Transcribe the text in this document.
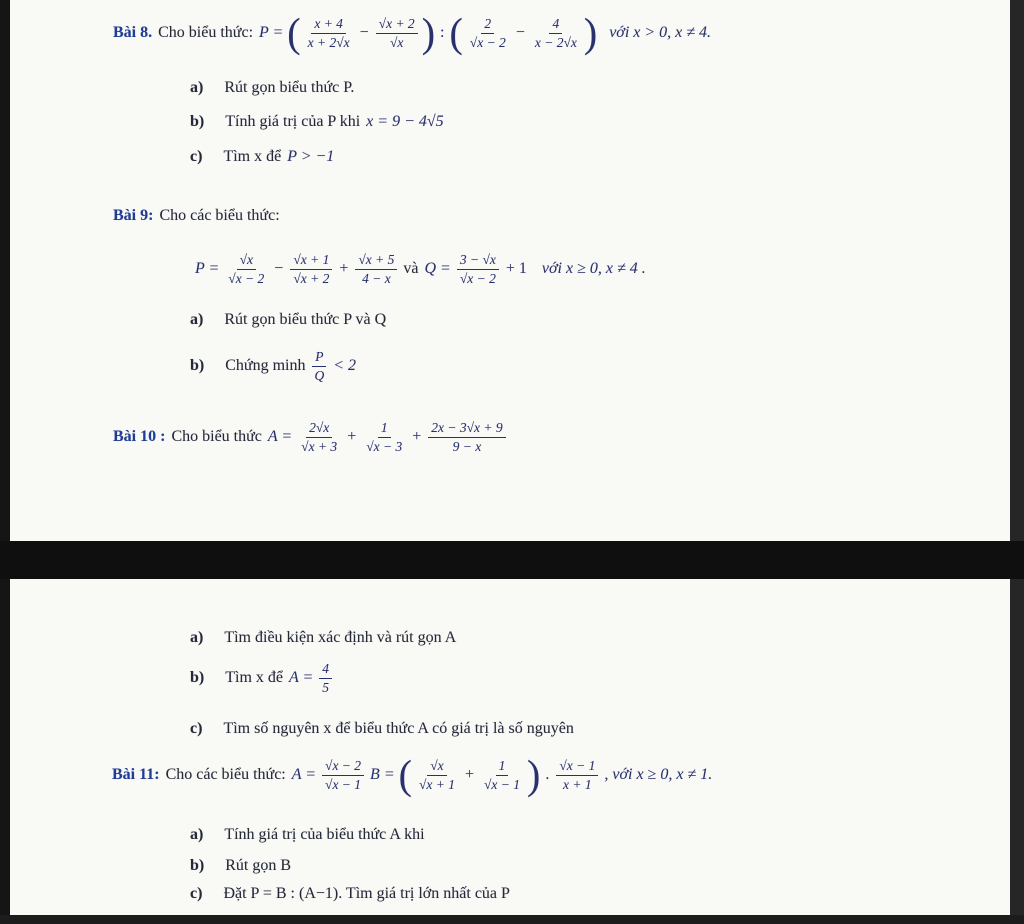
Bài 8. Cho biểu thức: P = ( $\frac{x + 4}{x + 2√x} - \frac{√x + 2}{√x}$ ) : ( $\frac{2}{√x - 2} - \frac{4}{x - 2√x}$ ) với x > 0, x ≠ 4.
a) Rút gọn biểu thức P.
b) Tính giá trị của P khi x = 9 − 4√5
c) Tìm x để P > −1
Bài 9: Cho các biểu thức:
$P = \frac{√x}{√x - 2} - \frac{√x + 1}{√x + 2} + \frac{√x + 5}{4 - x}$ và $Q = \frac{3 - √x}{√x - 2} + 1$ với x ≥ 0, x ≠ 4 .
a) Rút gọn biểu thức P và Q
b) Chứng minh $\frac{P}{Q} < 2$
Bài 10 : Cho biểu thức $A = \frac{2√x}{√x + 3} + \frac{1}{√x - 3} + \frac{2x - 3√x + 9}{9 - x}$
a) Tìm điều kiện xác định và rút gọn A
b) Tìm x để $A = \frac{4}{5}$
c) Tìm số nguyên x để biểu thức A có giá trị là số nguyên
Bài 11: Cho các biểu thức: $A = \frac{√x - 2}{√x - 1}$ B = ( $\frac{√x}{√x + 1} + \frac{1}{√x - 1}$ ) . $\frac{√x - 1}{x + 1}$ , với x ≥ 0, x ≠ 1.
a) Tính giá trị của biểu thức A khi
b) Rút gọn B
c) Đặt P = B : (A−1). Tìm giá trị lớn nhất của P
